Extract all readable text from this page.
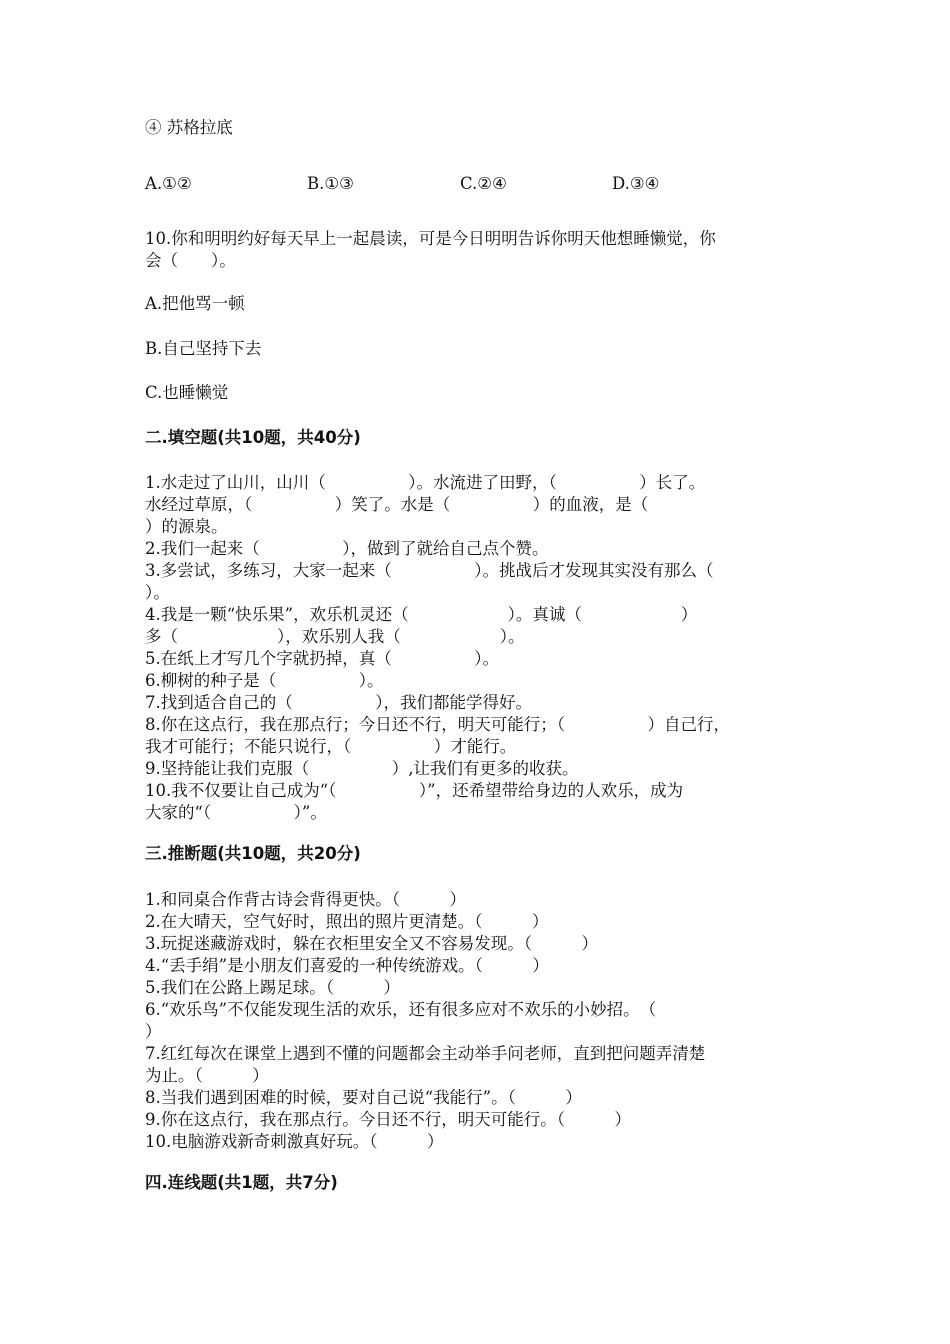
④ 苏格拉底
A.①②	B.①③	C.②④	D.③④
10.你和明明约好每天早上一起晨读，可是今日明明告诉你明天他想睡懒觉，你
会（　　）。
A.把他骂一顿
B.自己坚持下去
C.也睡懒觉
二.填空题(共10题，共40分)
1.水走过了山川，山川（　　　　　）。水流进了田野，（　　　　　）长了。
水经过草原，（　　　　　）笑了。水是（　　　　　）的血液，是（
）的源泉。
2.我们一起来（　　　　　），做到了就给自己点个赞。
3.多尝试，多练习，大家一起来（　　　　　）。挑战后才发现其实没有那么（
）。
4.我是一颗“快乐果”，欢乐机灵还（　　　　　　）。真诚（　　　　　　）
多（　　　　　　），欢乐别人我（　　　　　　）。
5.在纸上才写几个字就扔掉，真（　　　　　）。
6.柳树的种子是（　　　　　）。
7.找到适合自己的（　　　　　），我们都能学得好。
8.你在这点行，我在那点行；今日还不行，明天可能行；（　　　　　）自己行，
我才可能行；不能只说行，（　　　　　）才能行。
9.坚持能让我们克服（　　　　　）,让我们有更多的收获。
10.我不仅要让自己成为“（　　　　　）”，还希望带给身边的人欢乐，成为
大家的“（　　　　　）”。
三.推断题(共10题，共20分)
1.和同桌合作背古诗会背得更快。（　　　）
2.在大晴天，空气好时，照出的照片更清楚。（　　　）
3.玩捉迷藏游戏时，躲在衣柜里安全又不容易发现。（　　　）
4.“丢手绢”是小朋友们喜爱的一种传统游戏。（　　　）
5.我们在公路上踢足球。（　　　）
6.“欢乐鸟”不仅能发现生活的欢乐，还有很多应对不欢乐的小妙招。　（
）
7.红红每次在课堂上遇到不懂的问题都会主动举手问老师，直到把问题弄清楚
为止。（　　　）
8.当我们遇到困难的时候，要对自己说“我能行”。（　　　）
9.你在这点行，我在那点行。今日还不行，明天可能行。（　　　）
10.电脑游戏新奇刺激真好玩。（　　　）
四.连线题(共1题，共7分)
